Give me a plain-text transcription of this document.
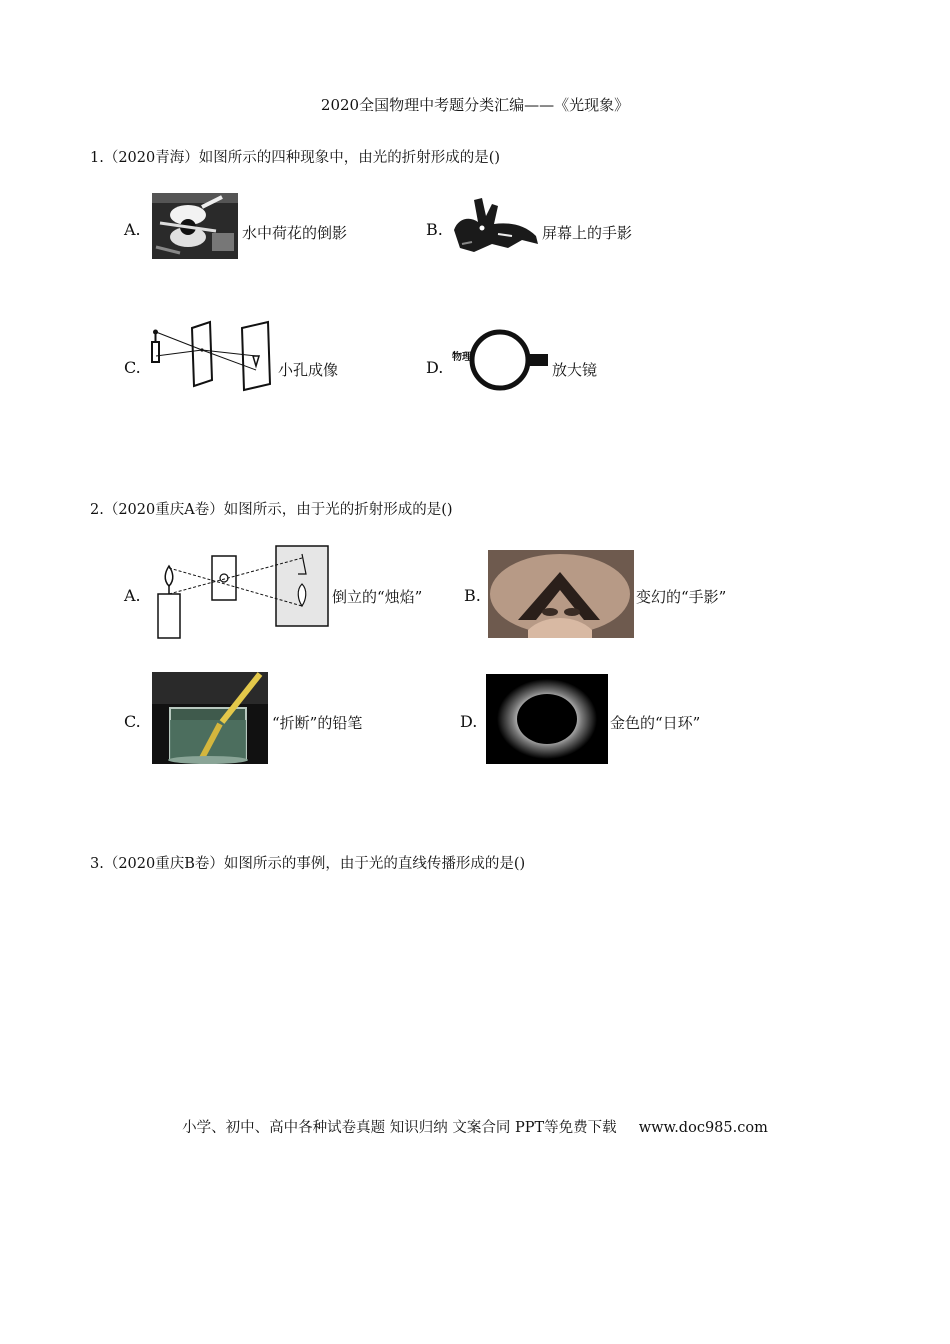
2020全国物理中考题分类汇编——《光现象》
1.（2020青海）如图所示的四种现象中，由光的折射形成的是()
A.	水中荷花的倒影	B.	屏幕上的手影
C.	小孔成像	D.
物理
放大镜
2.（2020重庆A卷）如图所示，由于光的折射形成的是()
A.	倒立的“烛焰”	B.	变幻的“手影”
C.	“折断”的铅笔	D.	金色的“日环”
3.（2020重庆B卷）如图所示的事例，由于光的直线传播形成的是()
小学、初中、高中各种试卷真题 知识归纳 文案合同 PPT等免费下载 www.doc985.com
